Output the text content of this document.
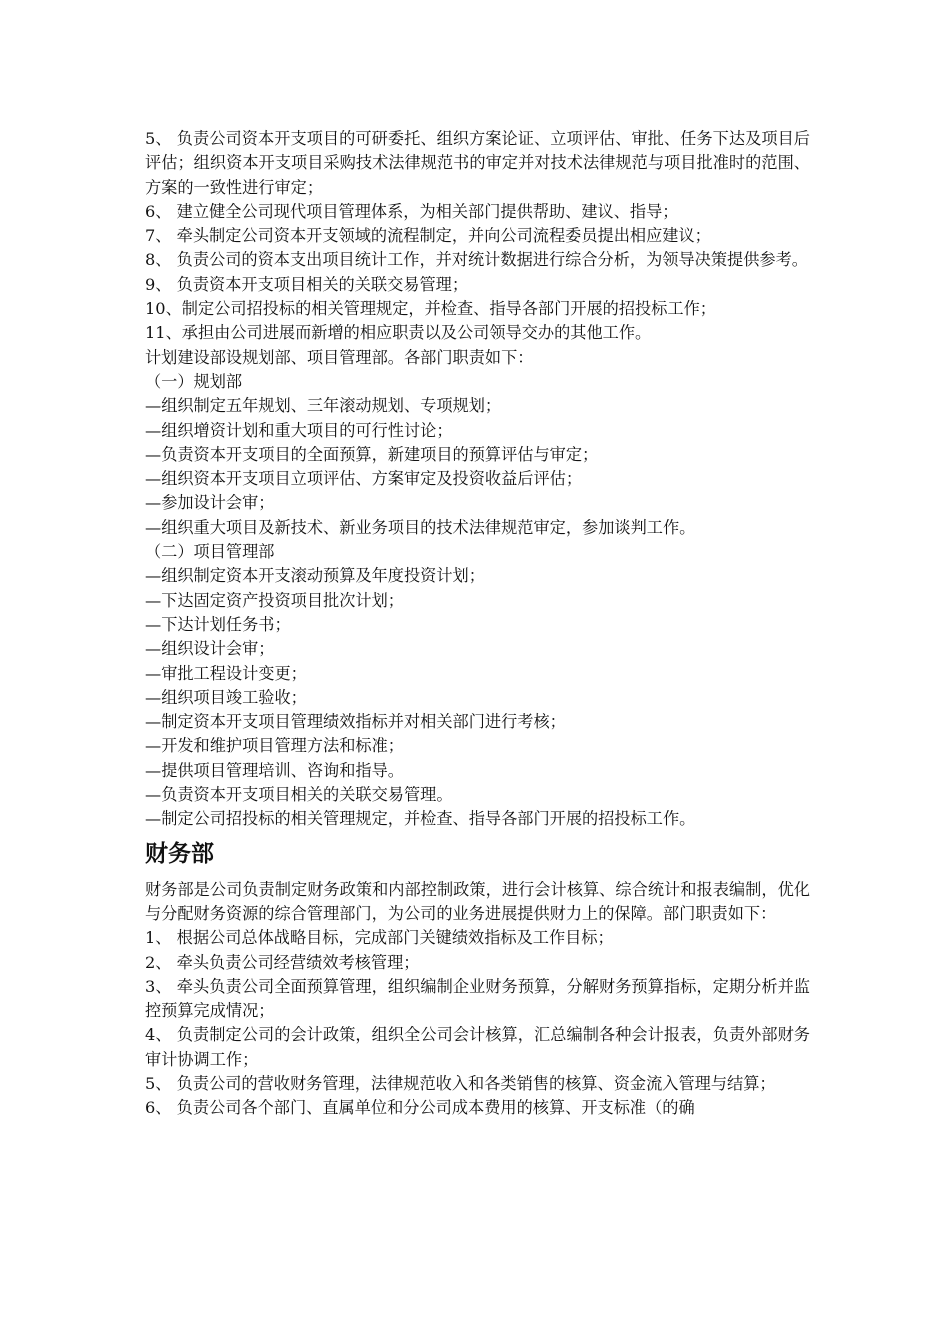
5、 负责公司资本开支项目的可研委托、组织方案论证、立项评估、审批、任务下达及项目后评估；组织资本开支项目采购技术法律规范书的审定并对技术法律规范与项目批准时的范围、方案的一致性进行审定；

6、 建立健全公司现代项目管理体系，为相关部门提供帮助、建议、指导；

7、 牵头制定公司资本开支领域的流程制定，并向公司流程委员提出相应建议；

8、 负责公司的资本支出项目统计工作，并对统计数据进行综合分析，为领导决策提供参考。

9、 负责资本开支项目相关的关联交易管理；

10、制定公司招投标的相关管理规定，并检查、指导各部门开展的招投标工作；

11、承担由公司进展而新增的相应职责以及公司领导交办的其他工作。

计划建设部设规划部、项目管理部。各部门职责如下：

（一）规划部

—组织制定五年规划、三年滚动规划、专项规划；

—组织增资计划和重大项目的可行性讨论；

—负责资本开支项目的全面预算，新建项目的预算评估与审定；

—组织资本开支项目立项评估、方案审定及投资收益后评估；

—参加设计会审；

—组织重大项目及新技术、新业务项目的技术法律规范审定，参加谈判工作。

（二）项目管理部

—组织制定资本开支滚动预算及年度投资计划；

—下达固定资产投资项目批次计划；

—下达计划任务书；

—组织设计会审；

—审批工程设计变更；

—组织项目竣工验收；

—制定资本开支项目管理绩效指标并对相关部门进行考核；

—开发和维护项目管理方法和标准；

—提供项目管理培训、咨询和指导。

—负责资本开支项目相关的关联交易管理。

—制定公司招投标的相关管理规定，并检查、指导各部门开展的招投标工作。

财务部

财务部是公司负责制定财务政策和内部控制政策，进行会计核算、综合统计和报表编制，优化与分配财务资源的综合管理部门，为公司的业务进展提供财力上的保障。部门职责如下：

1、 根据公司总体战略目标，完成部门关键绩效指标及工作目标；

2、 牵头负责公司经营绩效考核管理；

3、 牵头负责公司全面预算管理，组织编制企业财务预算，分解财务预算指标，定期分析并监控预算完成情况；

4、 负责制定公司的会计政策，组织全公司会计核算，汇总编制各种会计报表，负责外部财务审计协调工作；

5、 负责公司的营收财务管理，法律规范收入和各类销售的核算、资金流入管理与结算；

6、 负责公司各个部门、直属单位和分公司成本费用的核算、开支标准（的确
